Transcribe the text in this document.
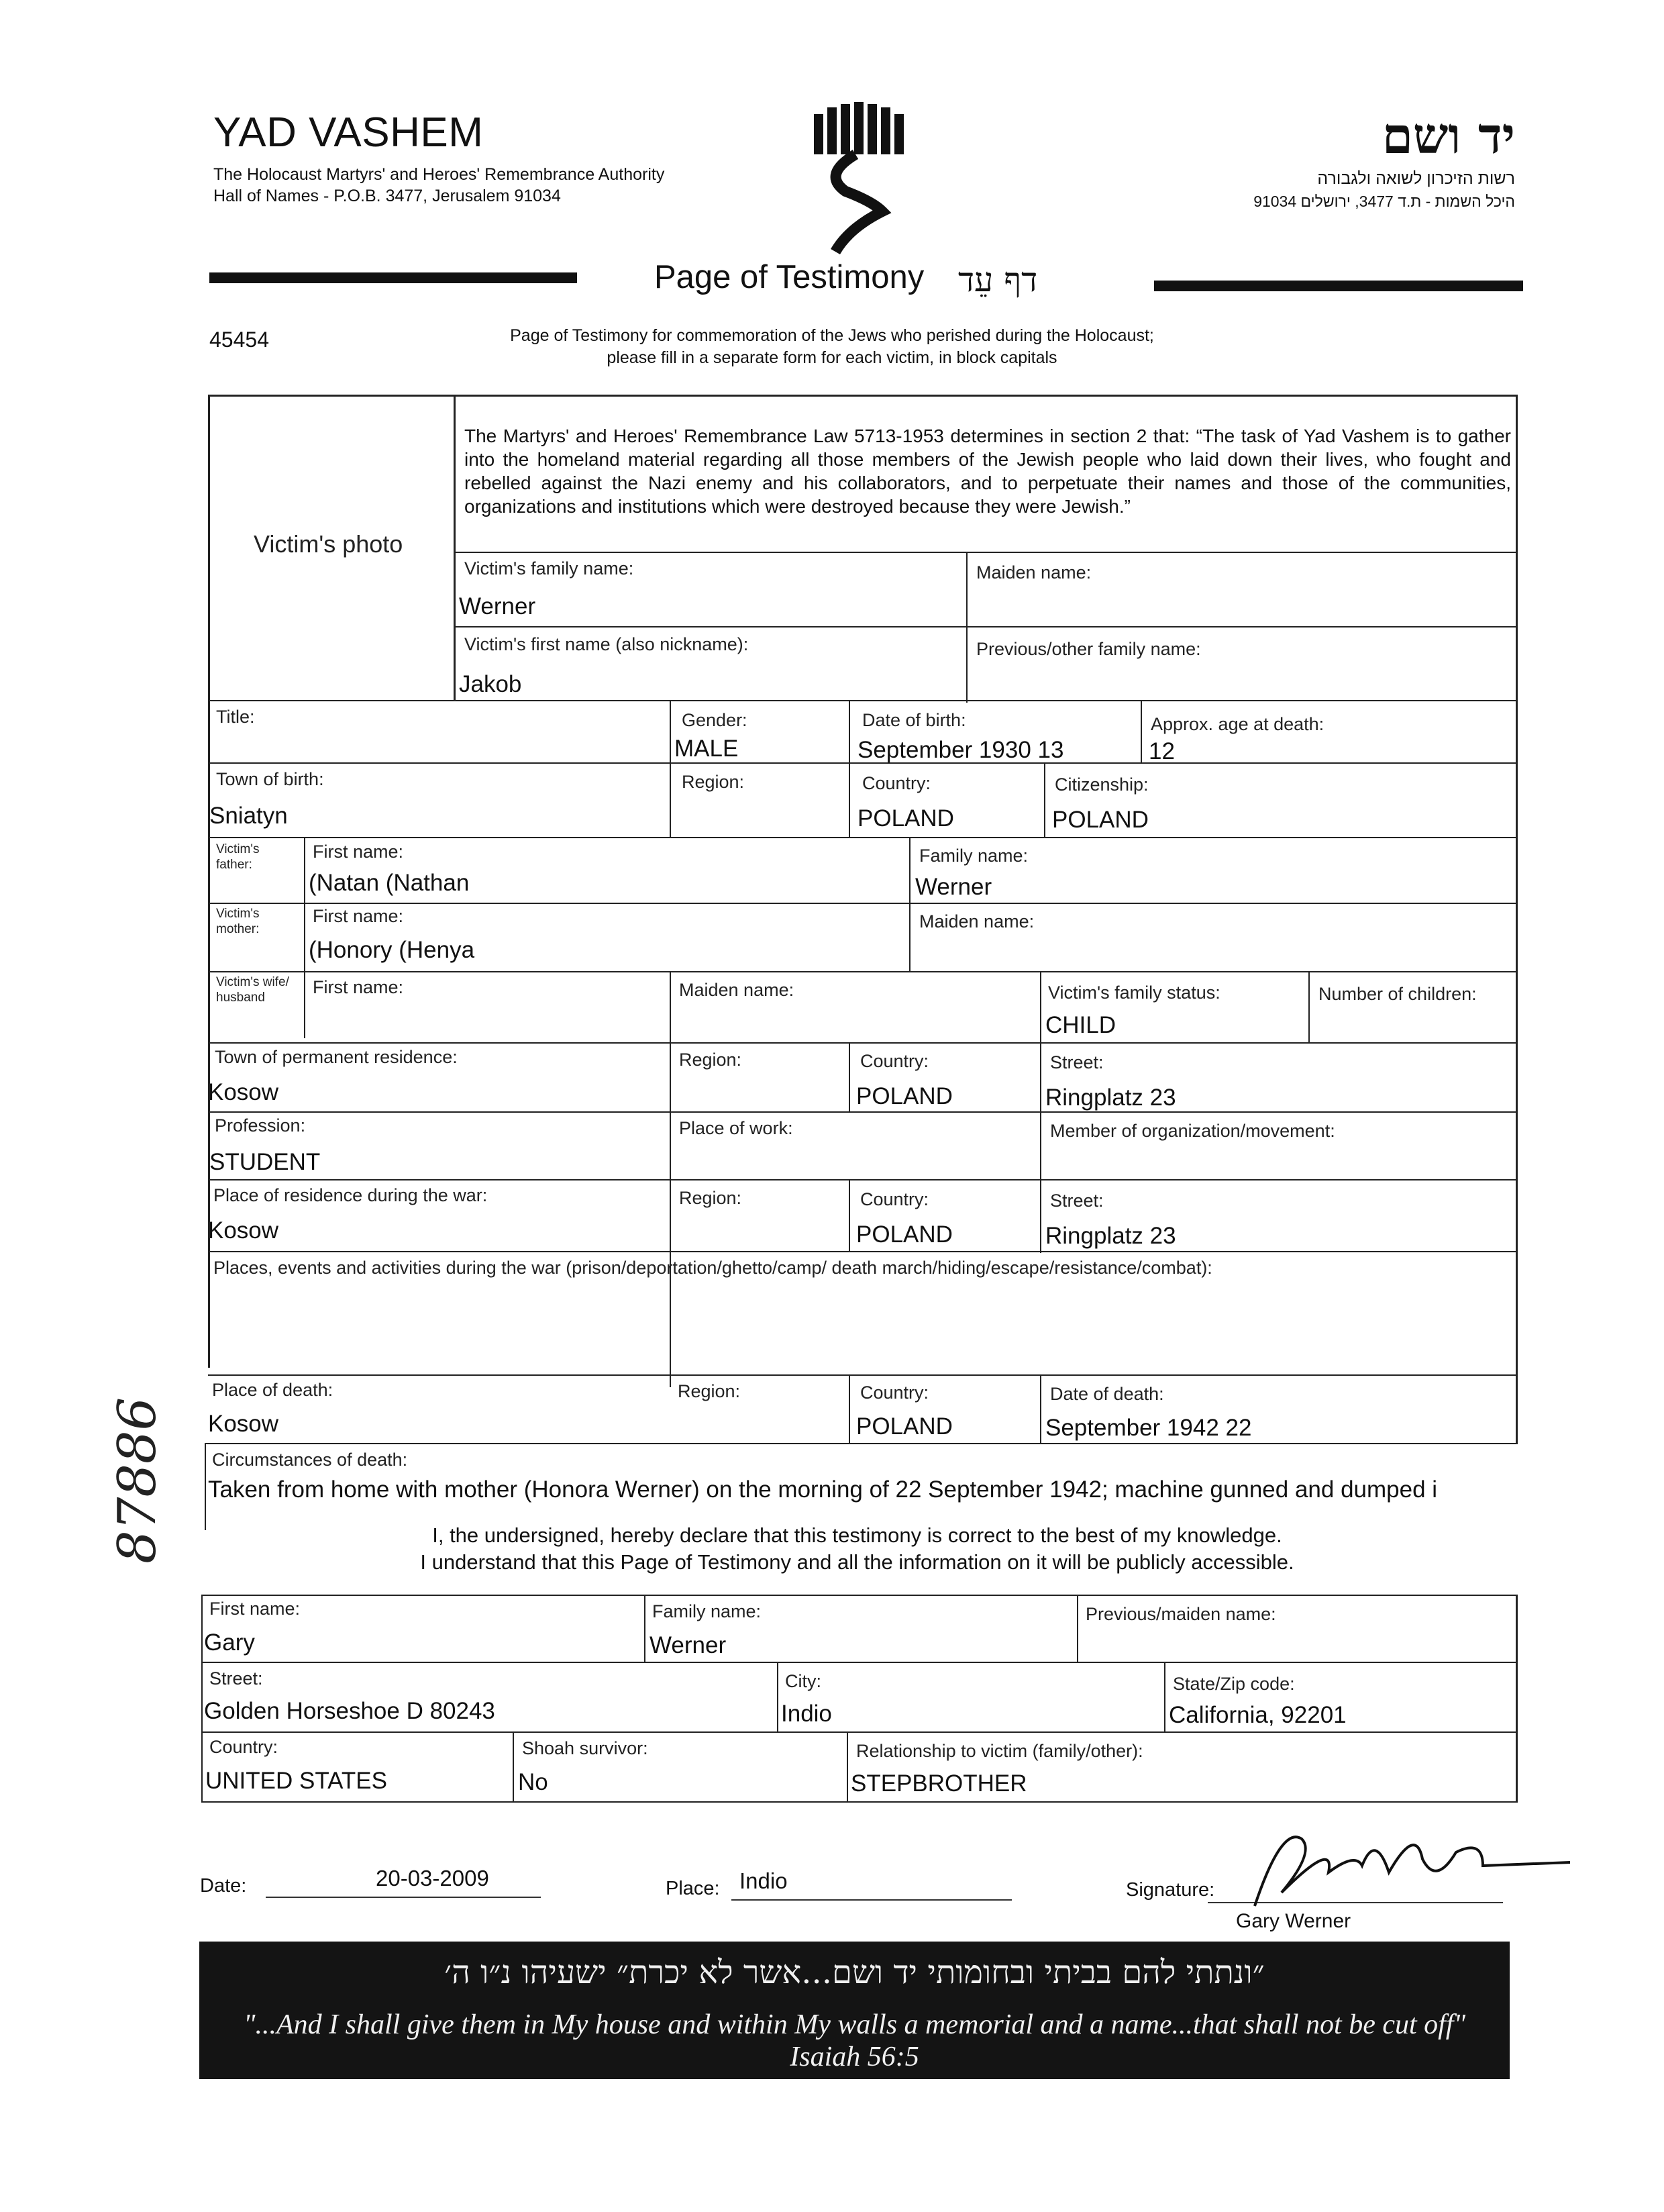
YAD VASHEM
The Holocaust Martyrs' and Heroes' Remembrance Authority
Hall of Names - P.O.B. 3477, Jerusalem 91034
יד ושם
רשות הזיכרון לשואה ולגבורה
היכל השמות - ת.ד 3477, ירושלים 91034
Page of Testimony דף עֵד
45454	Page of Testimony for commemoration of the Jews who perished during the Holocaust;
please fill in a separate form for each victim, in block capitals
The Martyrs' and Heroes' Remembrance Law 5713-1953 determines in section 2 that: “The task of Yad Vashem is to gather into the homeland material regarding all those members of the Jewish people who laid down their lives, who fought and rebelled against the Nazi enemy and his collaborators, and to perpetuate their names and those of the communities, organizations and institutions which were destroyed because they were Jewish.”
Victim's photo
Victim's family name:
Werner
Maiden name:
Victim's first name (also nickname):
Jakob
Previous/other family name:
Title:	Gender:
MALE
Date of birth:
September 1930 13
Approx. age at death:
12
Town of birth:
Sniatyn
Region:	Country:
POLAND
Citizenship:
POLAND
Victim's father:
First name:
(Natan (Nathan
Family name:
Werner
Victim's mother:
First name:
(Honory (Henya
Maiden name:
Victim's wife/ husband
First name:	Maiden name:	Victim's family status:
CHILD
Number of children:
Town of permanent residence:
Kosow
Region:	Country:
POLAND
Street:
Ringplatz 23
Profession:
STUDENT
Place of work:	Member of organization/movement:
Place of residence during the war:
Kosow
Region:	Country:
POLAND
Street:
Ringplatz 23
Places, events and activities during the war (prison/deportation/ghetto/camp/ death march/hiding/escape/resistance/combat):
Place of death:
Kosow
Region:	Country:
POLAND
Date of death:
September 1942 22
Circumstances of death:
Taken from home with mother (Honora Werner) on the morning of 22 September 1942; machine gunned and dumped i
I, the undersigned, hereby declare that this testimony is correct to the best of my knowledge.
I understand that this Page of Testimony and all the information on it will be publicly accessible.
First name:
Gary
Family name:
Werner
Previous/maiden name:
Street:
Golden Horseshoe D 80243
City:
Indio
State/Zip code:
California, 92201
Country:
UNITED STATES
Shoah survivor:
No
Relationship to victim (family/other):
STEPBROTHER
Date:	20-03-2009	Place: Indio	Signature:
Gary Werner
״ונתתי להם בביתי ובחומותי יד ושם...אשר לא יכרת״ ישעיהו נ״ו ה׳
"...And I shall give them in My house and within My walls a memorial and a name...that shall not be cut off" Isaiah 56:5
87886
